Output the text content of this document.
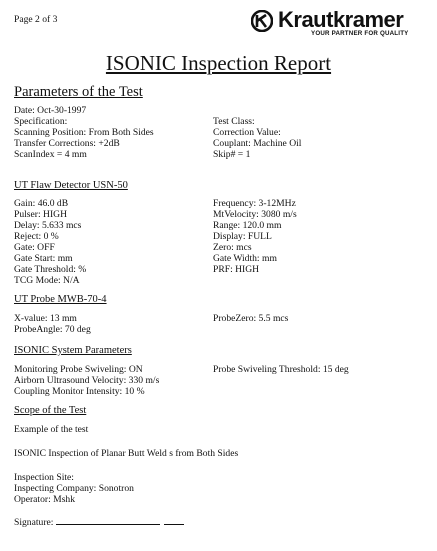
Page 2 of 3	Krautkramer
YOUR PARTNER FOR QUALITY
ISONIC Inspection Report
Parameters of the Test
Date: Oct-30-1997
Specification:
Scanning Position: From Both Sides
Transfer Corrections: +2dB
ScanIndex = 4 mm
Test Class:
Correction Value:
Couplant: Machine Oil
Skip# = 1
UT Flaw Detector USN-50
Gain: 46.0 dB
Pulser: HIGH
Delay: 5.633 mcs
Reject: 0 %
Gate: OFF
Gate Start: mm
Gate Threshold: %
TCG Mode: N/A
Frequency: 3-12MHz
MtVelocity: 3080 m/s
Range: 120.0 mm
Display: FULL
Zero: mcs
Gate Width: mm
PRF: HIGH
UT Probe MWB-70-4
X-value: 13 mm
ProbeAngle: 70 deg
ProbeZero: 5.5 mcs
ISONIC System Parameters
Monitoring Probe Swiveling: ON
Airborn Ultrasound Velocity: 330 m/s
Coupling Monitor Intensity: 10 %
Probe Swiveling Threshold: 15 deg
Scope of the Test
Example of the test
ISONIC Inspection of Planar Butt Weld s from Both Sides
Inspection Site:
Inspecting Company: Sonotron
Operator: Mshk
Signature:
